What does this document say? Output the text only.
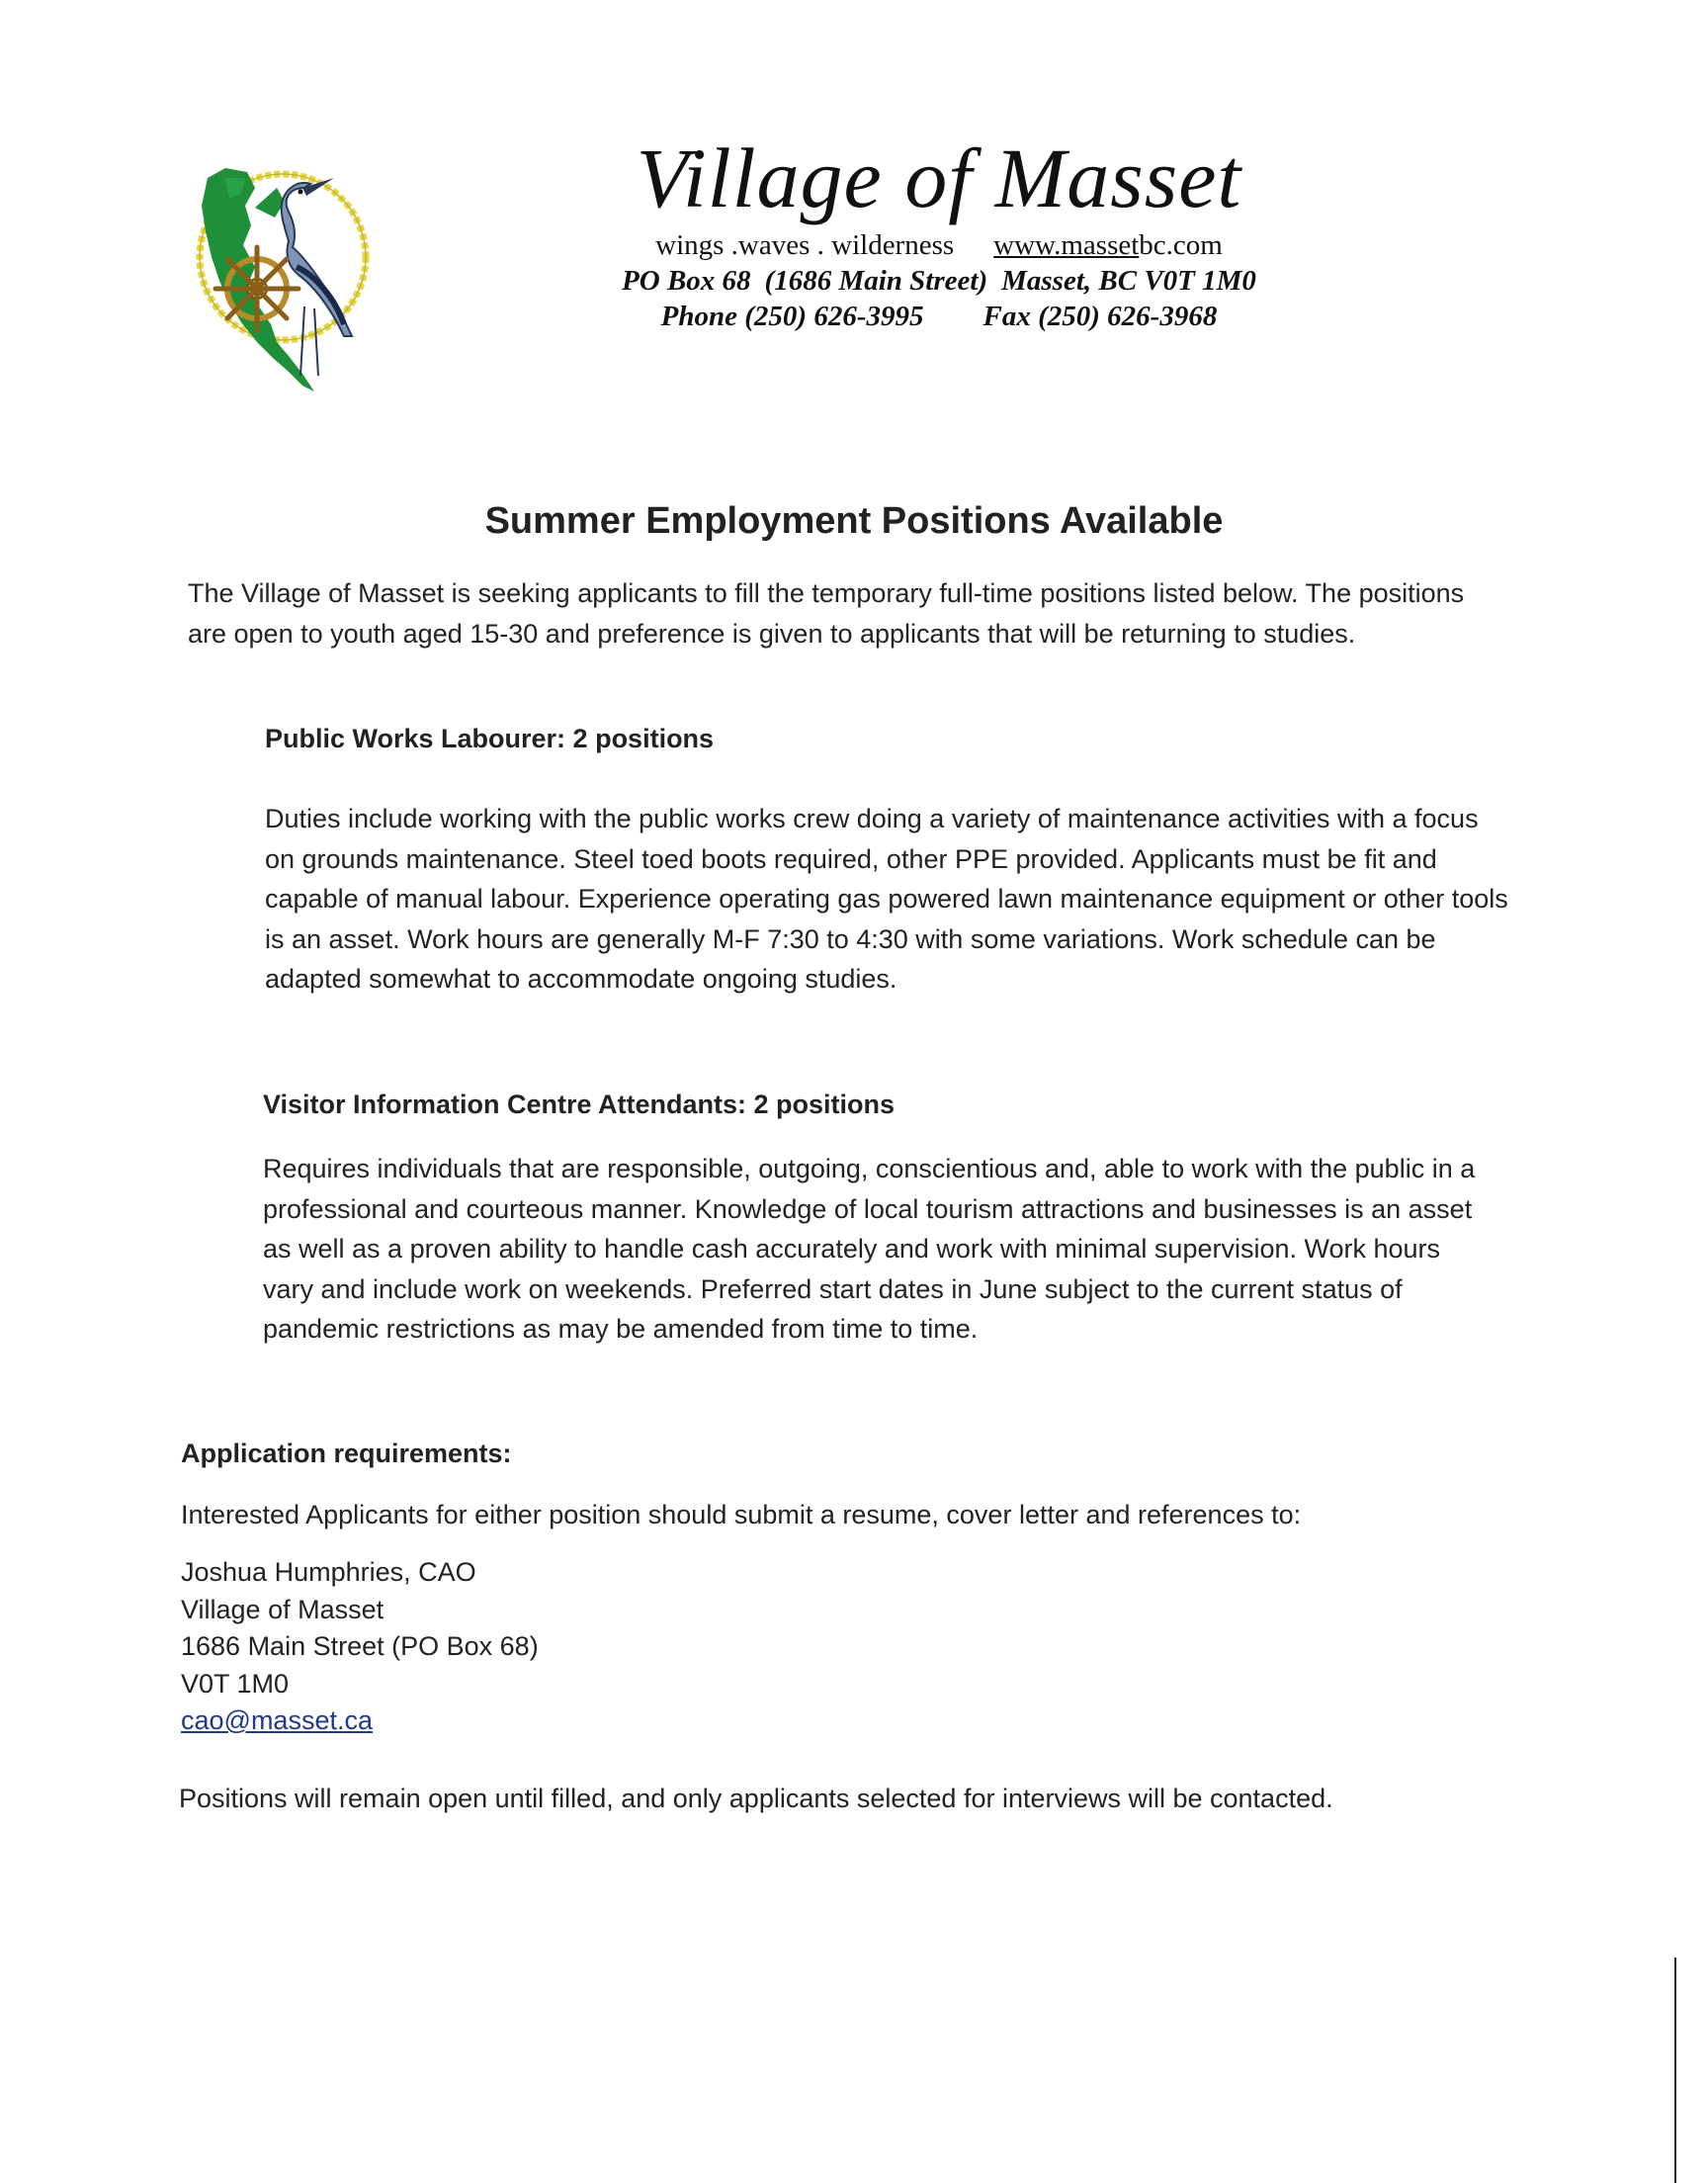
Village of Masset
wings .waves . wilderness www.massetbc.com
PO Box 68 (1686 Main Street) Masset, BC V0T 1M0
Phone (250) 626-3995 Fax (250) 626-3968
Summer Employment Positions Available

The Village of Masset is seeking applicants to fill the temporary full-time positions listed below. The positions are open to youth aged 15-30 and preference is given to applicants that will be returning to studies.

Public Works Labourer: 2 positions

Duties include working with the public works crew doing a variety of maintenance activities with a focus on grounds maintenance. Steel toed boots required, other PPE provided. Applicants must be fit and capable of manual labour. Experience operating gas powered lawn maintenance equipment or other tools is an asset. Work hours are generally M-F 7:30 to 4:30 with some variations. Work schedule can be adapted somewhat to accommodate ongoing studies.

Visitor Information Centre Attendants: 2 positions

Requires individuals that are responsible, outgoing, conscientious and, able to work with the public in a professional and courteous manner. Knowledge of local tourism attractions and businesses is an asset as well as a proven ability to handle cash accurately and work with minimal supervision. Work hours vary and include work on weekends. Preferred start dates in June subject to the current status of pandemic restrictions as may be amended from time to time.

Application requirements:

Interested Applicants for either position should submit a resume, cover letter and references to:

Joshua Humphries, CAO
Village of Masset
1686 Main Street (PO Box 68)
V0T 1M0
cao@masset.ca

Positions will remain open until filled, and only applicants selected for interviews will be contacted.
